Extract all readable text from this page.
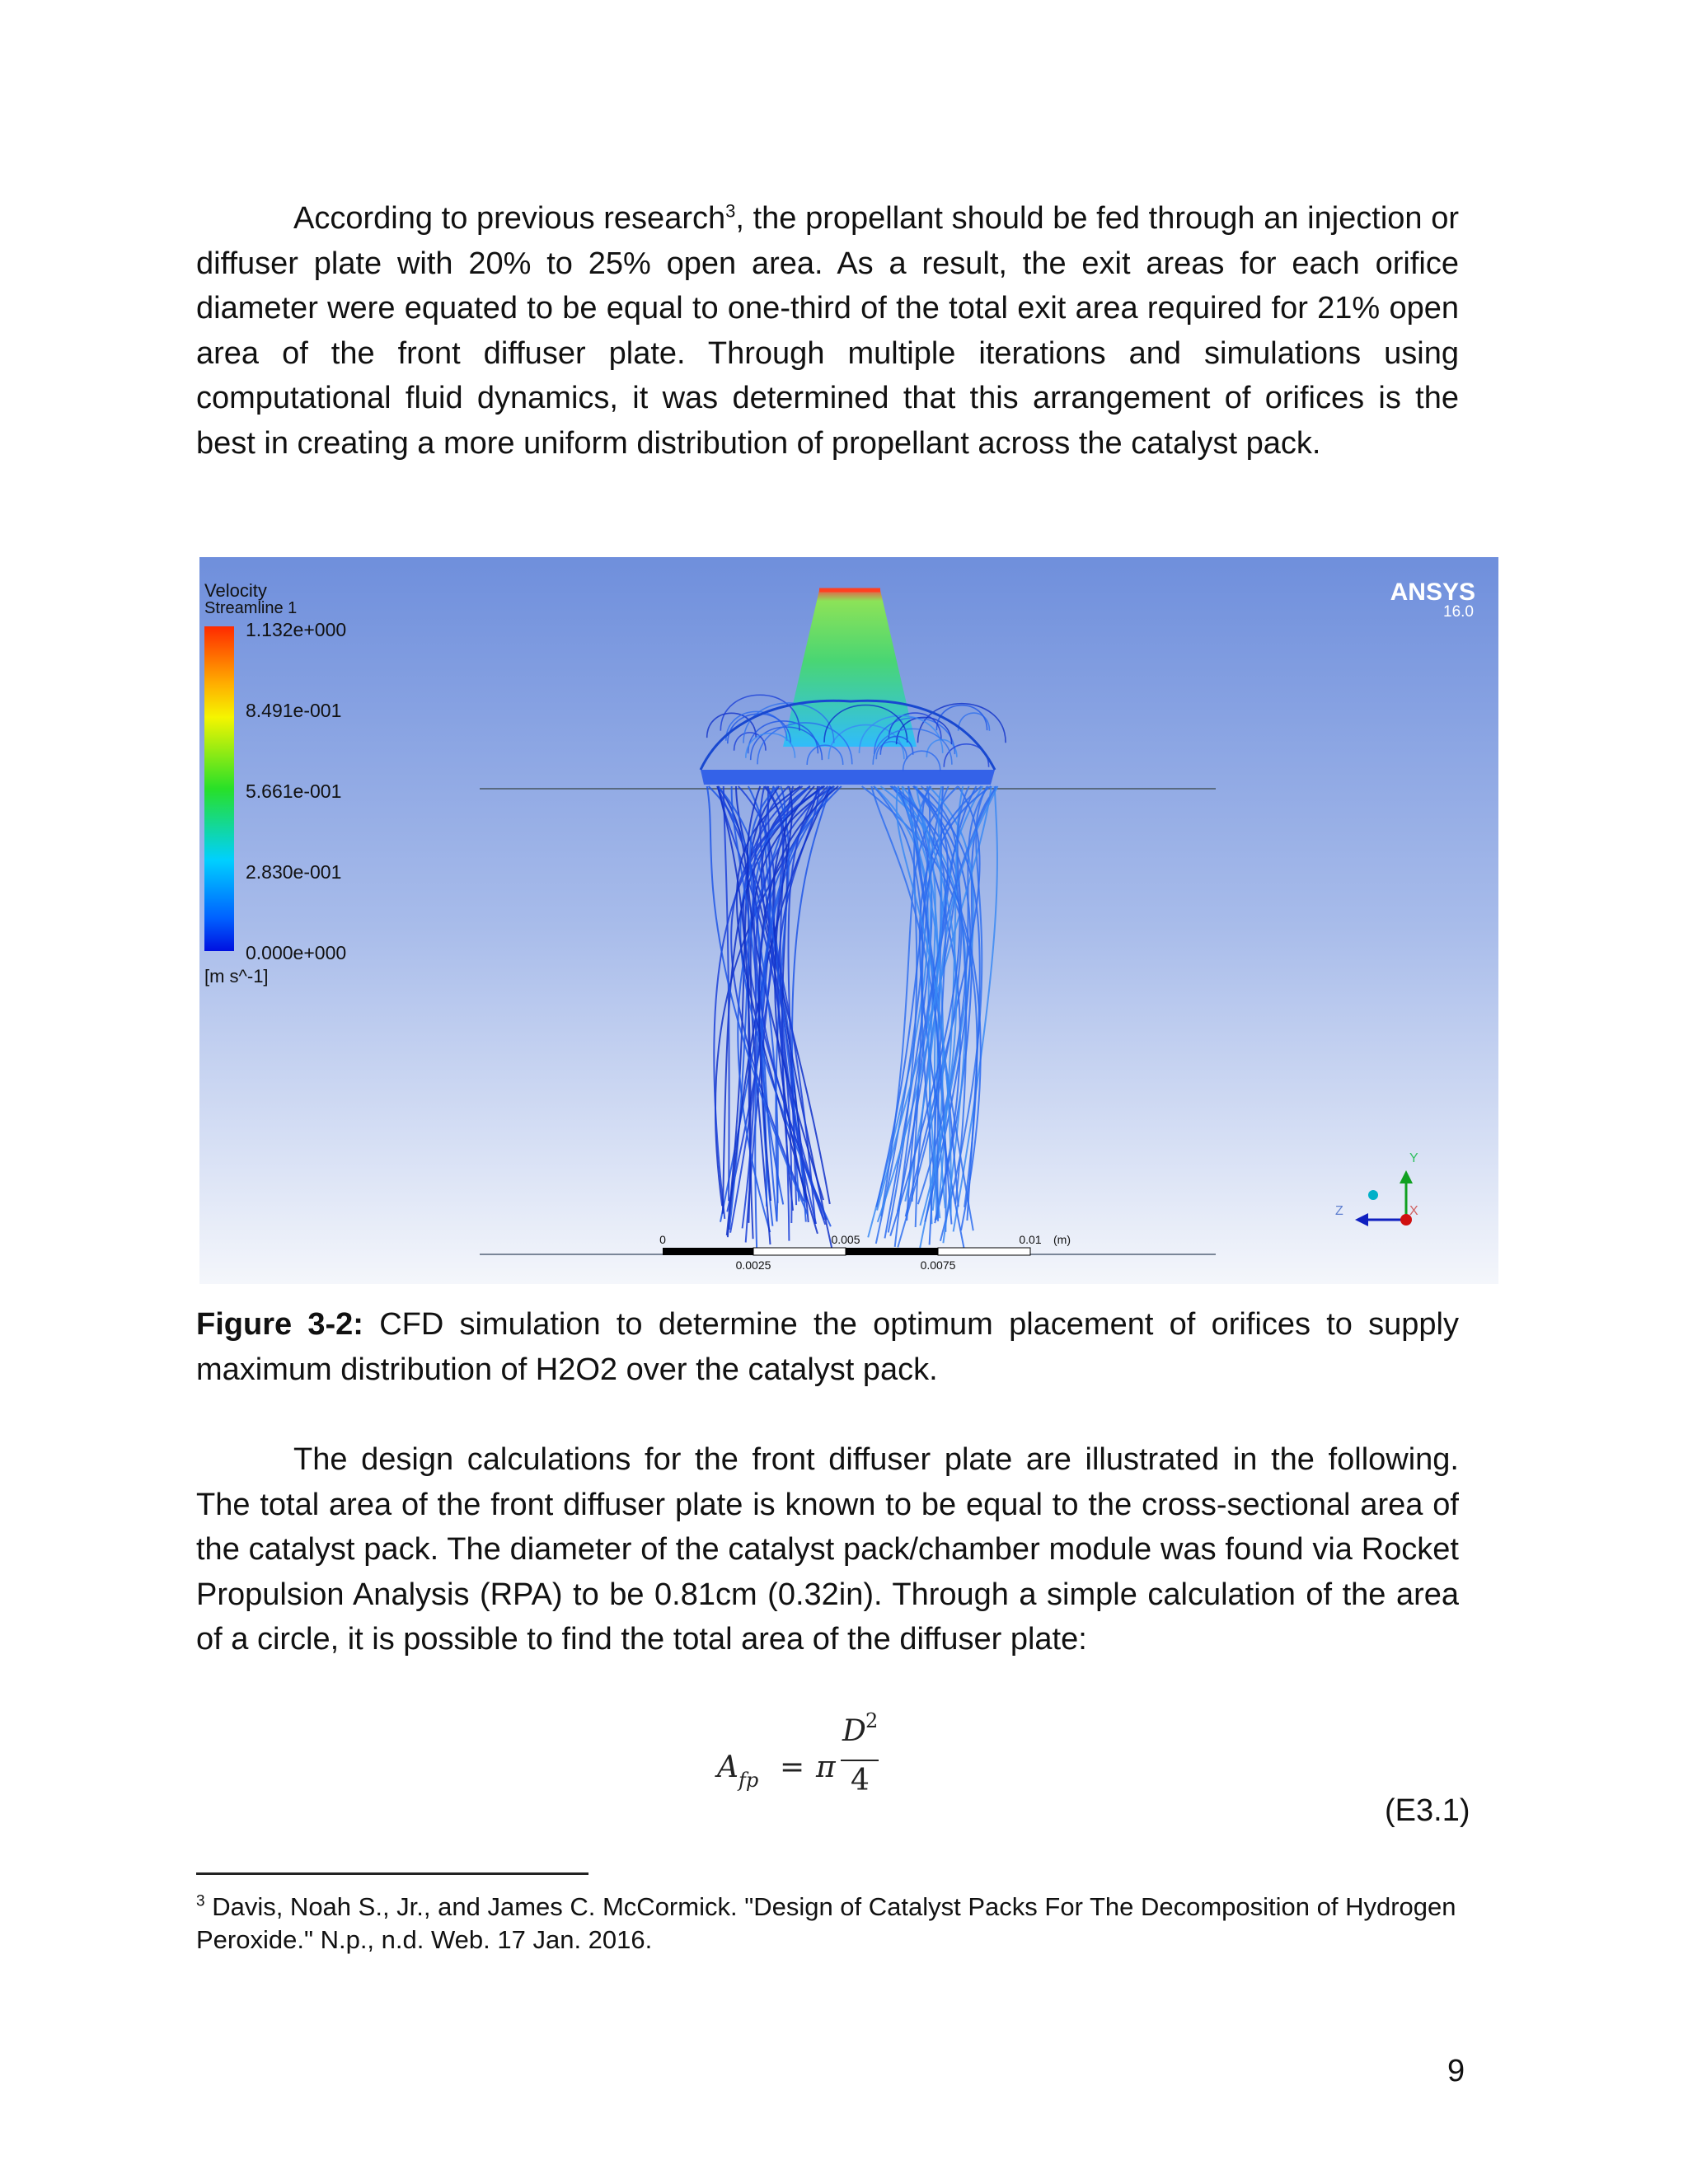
According to previous research$^3$, the propellant should be fed through an injection or diffuser plate with 20% to 25% open area. As a result, the exit areas for each orifice diameter were equated to be equal to one-third of the total exit area required for 21% open area of the front diffuser plate. Through multiple iterations and simulations using computational fluid dynamics, it was determined that this arrangement of orifices is the best in creating a more uniform distribution of propellant across the catalyst pack.

Velocity
Streamline 1
1.132e+000
8.491e-001
5.661e-001
2.830e-001
0.000e+000
[m s^-1]
ANSYS
16.0
0	0.005	0.01 (m)
0.0025	0.0075
Y
Z	X

Figure 3-2: CFD simulation to determine the optimum placement of orifices to supply maximum distribution of H2O2 over the catalyst pack.

The design calculations for the front diffuser plate are illustrated in the following. The total area of the front diffuser plate is known to be equal to the cross-sectional area of the catalyst pack. The diameter of the catalyst pack/chamber module was found via Rocket Propulsion Analysis (RPA) to be 0.81cm (0.32in). Through a simple calculation of the area of a circle, it is possible to find the total area of the diffuser plate:

A fp = π
D 2
4
(E3.1)

$^3$ Davis, Noah S., Jr., and James C. McCormick. "Design of Catalyst Packs For The Decomposition of Hydrogen Peroxide." N.p., n.d. Web. 17 Jan. 2016.

9
